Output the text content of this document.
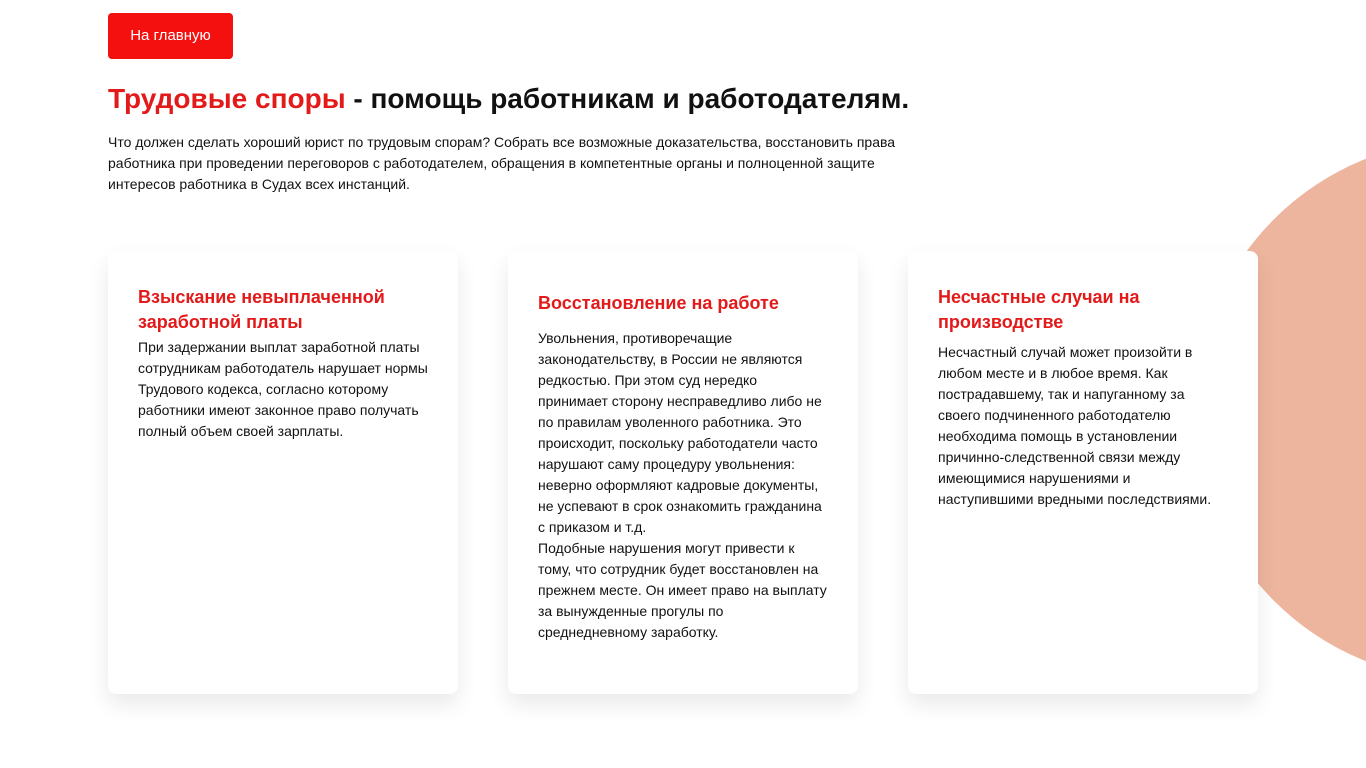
На главную
Трудовые споры - помощь работникам и работодателям.

Что должен сделать хороший юрист по трудовым спорам? Собрать все возможные доказательства, восстановить права работника при проведении переговоров с работодателем, обращения в компетентные органы и полноценной защите интересов работника в Судах всех инстанций.

Взыскание невыплаченной заработной платы

При задержании выплат заработной платы сотрудникам работодатель нарушает нормы Трудового кодекса, согласно которому работники имеют законное право получать полный объем своей зарплаты.

Восстановление на работе

Увольнения, противоречащие законодательству, в России не являются редкостью. При этом суд нередко принимает сторону несправедливо либо не по правилам уволенного работника. Это происходит, поскольку работодатели часто нарушают саму процедуру увольнения: неверно оформляют кадровые документы, не успевают в срок ознакомить гражданина с приказом и т.д.

Подобные нарушения могут привести к тому, что сотрудник будет восстановлен на прежнем месте. Он имеет право на выплату за вынужденные прогулы по среднедневному заработку.

Несчастные случаи на производстве

Несчастный случай может произойти в любом месте и в любое время. Как пострадавшему, так и напуганному за своего подчиненного работодателю необходима помощь в установлении причинно-следственной связи между имеющимися нарушениями и наступившими вредными последствиями.
